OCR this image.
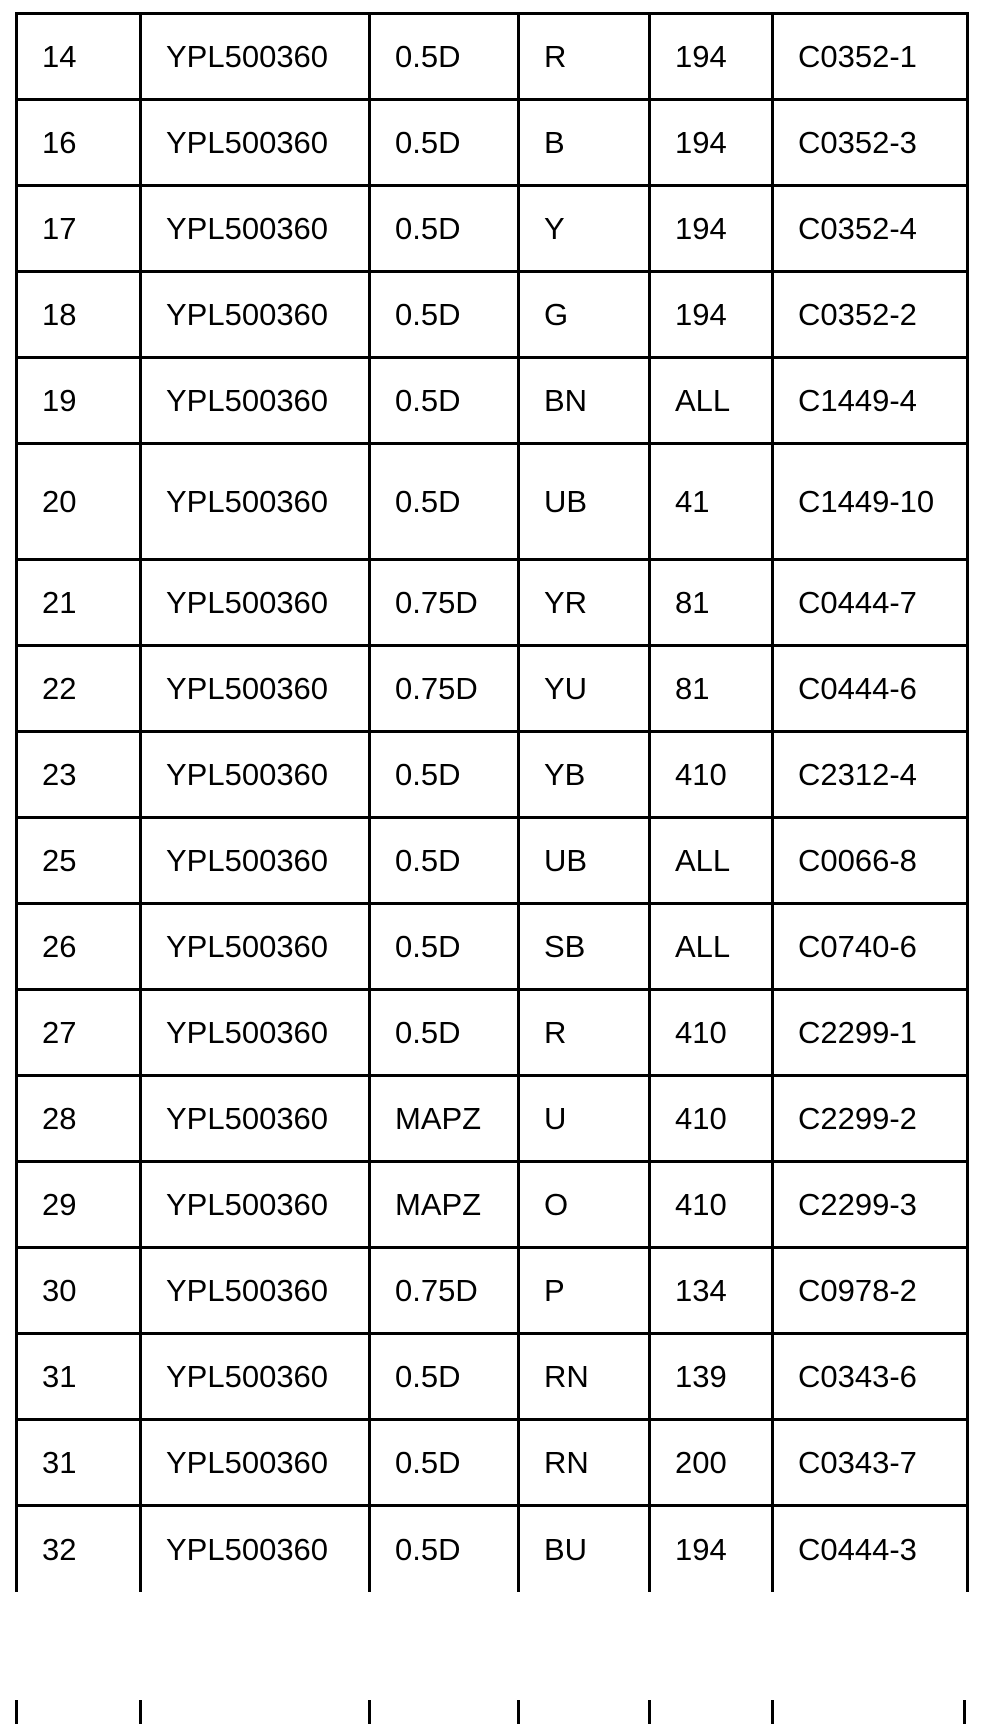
14	YPL500360	0.5D	R	194	C0352-1
16	YPL500360	0.5D	B	194	C0352-3
17	YPL500360	0.5D	Y	194	C0352-4
18	YPL500360	0.5D	G	194	C0352-2
19	YPL500360	0.5D	BN	ALL	C1449-4
20	YPL500360	0.5D	UB	41	C1449-10
21	YPL500360	0.75D	YR	81	C0444-7
22	YPL500360	0.75D	YU	81	C0444-6
23	YPL500360	0.5D	YB	410	C2312-4
25	YPL500360	0.5D	UB	ALL	C0066-8
26	YPL500360	0.5D	SB	ALL	C0740-6
27	YPL500360	0.5D	R	410	C2299-1
28	YPL500360	MAPZ	U	410	C2299-2
29	YPL500360	MAPZ	O	410	C2299-3
30	YPL500360	0.75D	P	134	C0978-2
31	YPL500360	0.5D	RN	139	C0343-6
31	YPL500360	0.5D	RN	200	C0343-7
32	YPL500360	0.5D	BU	194	C0444-3
